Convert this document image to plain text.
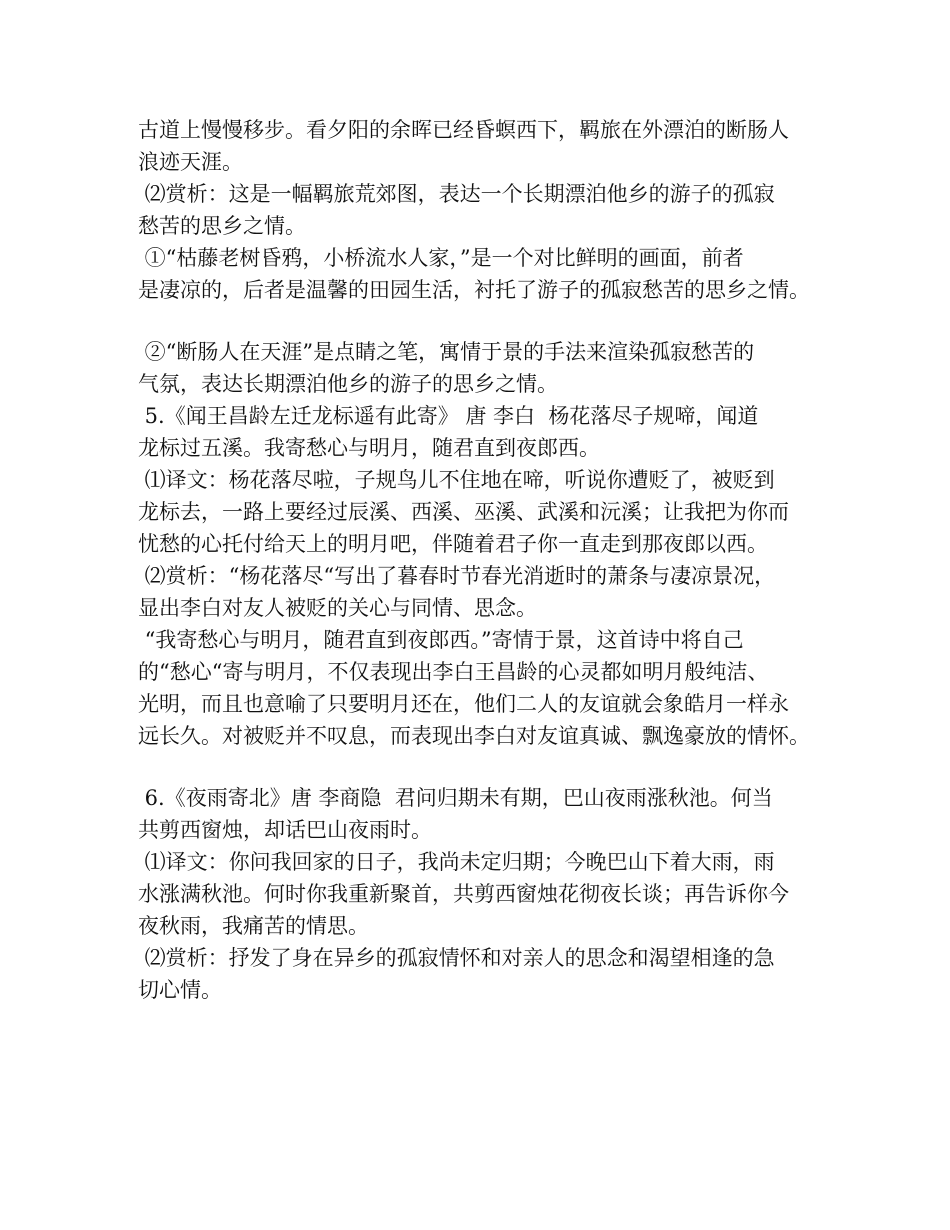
古道上慢慢移步。看夕阳的余晖已经昏螟西下，羁旅在外漂泊的断肠人
浪迹天涯。
⑵赏析：这是一幅羁旅荒郊图，表达一个长期漂泊他乡的游子的孤寂
愁苦的思乡之情。
①“枯藤老树昏鸦，小桥流水人家，”是一个对比鲜明的画面，前者
是凄凉的，后者是温馨的田园生活，衬托了游子的孤寂愁苦的思乡之情。
②“断肠人在天涯”是点睛之笔，寓情于景的手法来渲染孤寂愁苦的
气氛，表达长期漂泊他乡的游子的思乡之情。
5.《闻王昌龄左迁龙标遥有此寄》 唐 李白  杨花落尽子规啼，闻道
龙标过五溪。我寄愁心与明月，随君直到夜郎西。
⑴译文：杨花落尽啦，子规鸟儿不住地在啼，听说你遭贬了，被贬到
龙标去，一路上要经过辰溪、西溪、巫溪、武溪和沅溪；让我把为你而
忧愁的心托付给天上的明月吧，伴随着君子你一直走到那夜郎以西。
⑵赏析：“杨花落尽“写出了暮春时节春光消逝时的萧条与凄凉景况，
显出李白对友人被贬的关心与同情、思念。
“我寄愁心与明月，随君直到夜郎西。”寄情于景，这首诗中将自己
的“愁心“寄与明月，不仅表现出李白王昌龄的心灵都如明月般纯洁、
光明，而且也意喻了只要明月还在，他们二人的友谊就会象皓月一样永
远长久。对被贬并不叹息，而表现出李白对友谊真诚、飘逸豪放的情怀。
6.《夜雨寄北》唐 李商隐  君问归期未有期，巴山夜雨涨秋池。何当
共剪西窗烛，却话巴山夜雨时。
⑴译文：你问我回家的日子，我尚未定归期；今晚巴山下着大雨，雨
水涨满秋池。何时你我重新聚首，共剪西窗烛花彻夜长谈；再告诉你今
夜秋雨，我痛苦的情思。
⑵赏析：抒发了身在异乡的孤寂情怀和对亲人的思念和渴望相逢的急
切心情。
